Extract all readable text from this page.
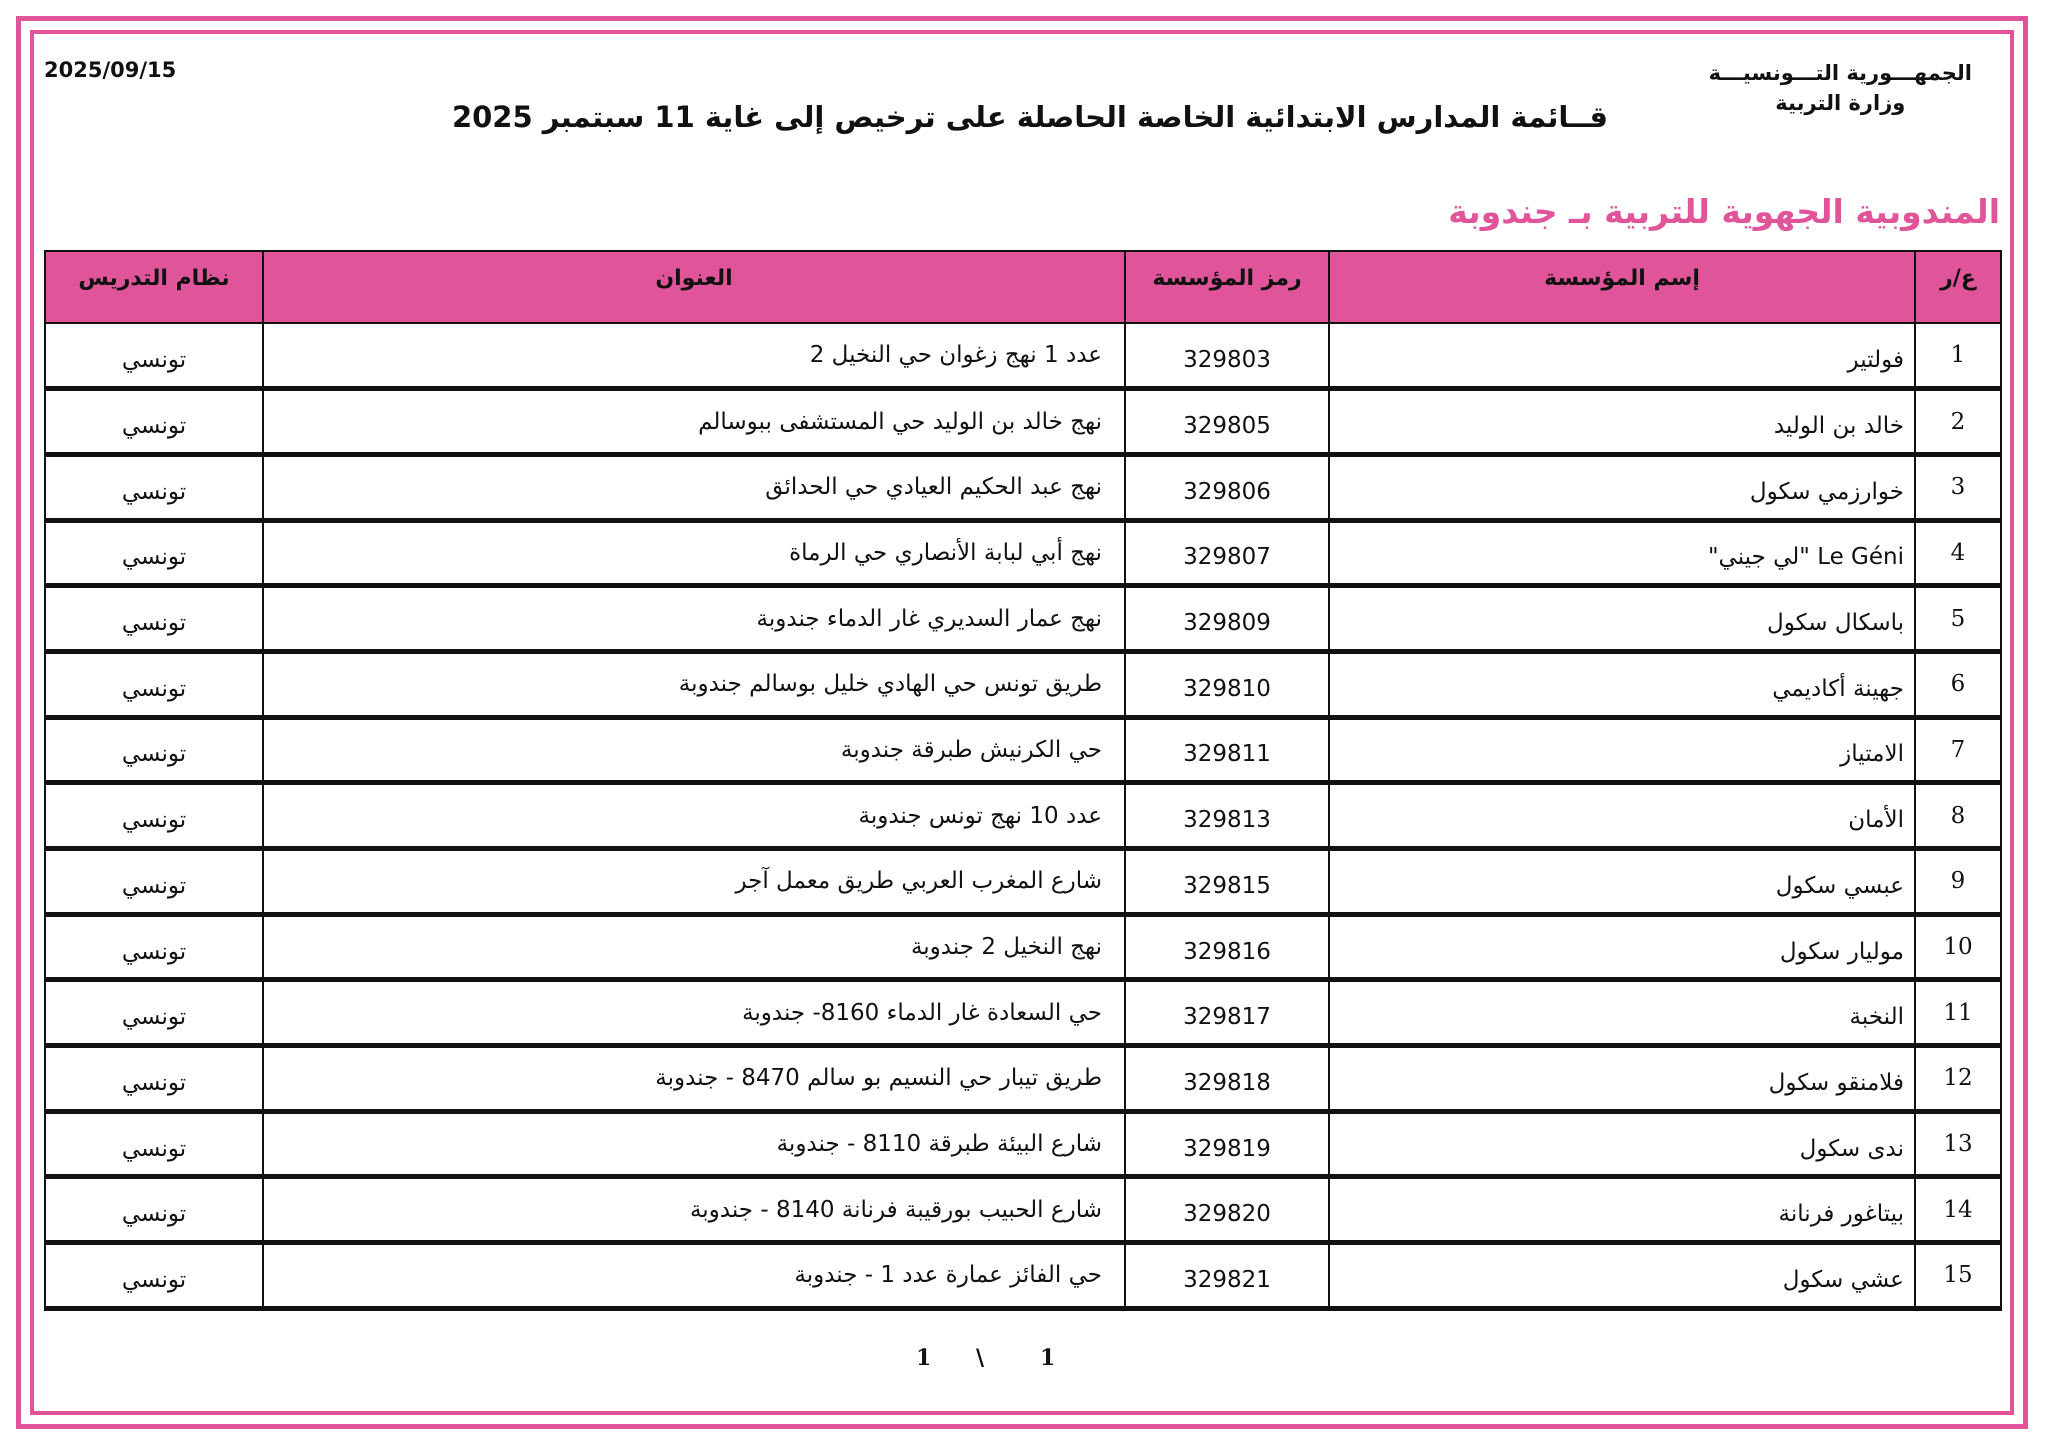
2025/09/15	الجمهـــورية التـــونسيـــة
وزارة التربية
قــائمة المدارس الابتدائية الخاصة الحاصلة على ترخيص إلى غاية 11 سبتمبر 2025
المندوبية الجهوية للتربية بـ جندوبة
ع/ر	إسم المؤسسة	رمز المؤسسة	العنوان	نظام التدريس
1	فولتير	329803	عدد 1 نهج زغوان حي النخيل 2	تونسي
2	خالد بن الوليد	329805	نهج خالد بن الوليد حي المستشفى ببوسالم	تونسي
3	خوارزمي سكول	329806	نهج عبد الحكيم العيادي حي الحدائق	تونسي
4	Le Géni "لي جيني"	329807	نهج أبي لبابة الأنصاري حي الرماة	تونسي
5	باسكال سكول	329809	نهج عمار السديري غار الدماء جندوبة	تونسي
6	جهينة أكاديمي	329810	طريق تونس حي الهادي خليل بوسالم جندوبة	تونسي
7	الامتياز	329811	حي الكرنيش طبرقة جندوبة	تونسي
8	الأمان	329813	عدد 10 نهج تونس جندوبة	تونسي
9	عبسي سكول	329815	شارع المغرب العربي طريق معمل آجر	تونسي
10	موليار سكول	329816	نهج النخيل 2 جندوبة	تونسي
11	النخبة	329817	حي السعادة غار الدماء 8160- جندوبة	تونسي
12	فلامنقو سكول	329818	طريق تيبار حي النسيم بو سالم 8470 - جندوبة	تونسي
13	ندى سكول	329819	شارع البيئة طبرقة 8110 - جندوبة	تونسي
14	بيتاغور فرنانة	329820	شارع الحبيب بورقيبة فرنانة 8140 - جندوبة	تونسي
15	عشي سكول	329821	حي الفائز عمارة عدد 1 - جندوبة	تونسي
1 \	1
